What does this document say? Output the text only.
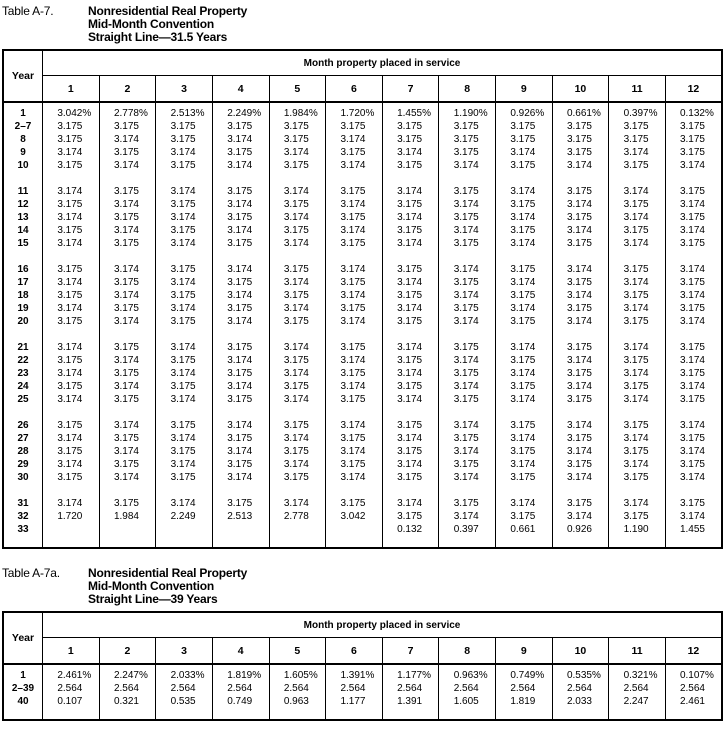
Table A-7.	Nonresidential Real Property
Mid-Month Convention
Straight Line—31.5 Years
Year	Month property placed in service											
	1	2	3	4	5	6	7	8	9	10	11	12

1	3.042%	2.778%	2.513%	2.249%	1.984%	1.720%	1.455%	1.190%	0.926%	0.661%	0.397%	0.132%
2–7	3.175	3.175	3.175	3.175	3.175	3.175	3.175	3.175	3.175	3.175	3.175	3.175
8	3.175	3.174	3.175	3.174	3.175	3.174	3.175	3.175	3.175	3.175	3.175	3.175
9	3.174	3.175	3.174	3.175	3.174	3.175	3.174	3.175	3.174	3.175	3.174	3.175
10	3.175	3.174	3.175	3.174	3.175	3.174	3.175	3.174	3.175	3.174	3.175	3.174

11	3.174	3.175	3.174	3.175	3.174	3.175	3.174	3.175	3.174	3.175	3.174	3.175
12	3.175	3.174	3.175	3.174	3.175	3.174	3.175	3.174	3.175	3.174	3.175	3.174
13	3.174	3.175	3.174	3.175	3.174	3.175	3.174	3.175	3.174	3.175	3.174	3.175
14	3.175	3.174	3.175	3.174	3.175	3.174	3.175	3.174	3.175	3.174	3.175	3.174
15	3.174	3.175	3.174	3.175	3.174	3.175	3.174	3.175	3.174	3.175	3.174	3.175

16	3.175	3.174	3.175	3.174	3.175	3.174	3.175	3.174	3.175	3.174	3.175	3.174
17	3.174	3.175	3.174	3.175	3.174	3.175	3.174	3.175	3.174	3.175	3.174	3.175
18	3.175	3.174	3.175	3.174	3.175	3.174	3.175	3.174	3.175	3.174	3.175	3.174
19	3.174	3.175	3.174	3.175	3.174	3.175	3.174	3.175	3.174	3.175	3.174	3.175
20	3.175	3.174	3.175	3.174	3.175	3.174	3.175	3.174	3.175	3.174	3.175	3.174

21	3.174	3.175	3.174	3.175	3.174	3.175	3.174	3.175	3.174	3.175	3.174	3.175
22	3.175	3.174	3.175	3.174	3.175	3.174	3.175	3.174	3.175	3.174	3.175	3.174
23	3.174	3.175	3.174	3.175	3.174	3.175	3.174	3.175	3.174	3.175	3.174	3.175
24	3.175	3.174	3.175	3.174	3.175	3.174	3.175	3.174	3.175	3.174	3.175	3.174
25	3.174	3.175	3.174	3.175	3.174	3.175	3.174	3.175	3.174	3.175	3.174	3.175

26	3.175	3.174	3.175	3.174	3.175	3.174	3.175	3.174	3.175	3.174	3.175	3.174
27	3.174	3.175	3.174	3.175	3.174	3.175	3.174	3.175	3.174	3.175	3.174	3.175
28	3.175	3.174	3.175	3.174	3.175	3.174	3.175	3.174	3.175	3.174	3.175	3.174
29	3.174	3.175	3.174	3.175	3.174	3.175	3.174	3.175	3.174	3.175	3.174	3.175
30	3.175	3.174	3.175	3.174	3.175	3.174	3.175	3.174	3.175	3.174	3.175	3.174

31	3.174	3.175	3.174	3.175	3.174	3.175	3.174	3.175	3.174	3.175	3.174	3.175
32	1.720	1.984	2.249	2.513	2.778	3.042	3.175	3.174	3.175	3.174	3.175	3.174
33							0.132	0.397	0.661	0.926	1.190	1.455

Table A-7a.	Nonresidential Real Property
Mid-Month Convention
Straight Line—39 Years
Year	Month property placed in service											
	1	2	3	4	5	6	7	8	9	10	11	12

1	2.461%	2.247%	2.033%	1.819%	1.605%	1.391%	1.177%	0.963%	0.749%	0.535%	0.321%	0.107%
2–39	2.564	2.564	2.564	2.564	2.564	2.564	2.564	2.564	2.564	2.564	2.564	2.564
40	0.107	0.321	0.535	0.749	0.963	1.177	1.391	1.605	1.819	2.033	2.247	2.461
